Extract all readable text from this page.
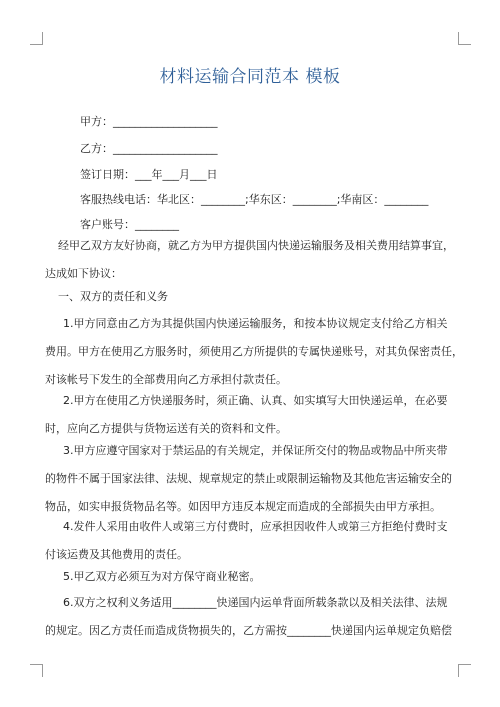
材料运输合同范本 模板
甲方：___________________
乙方：___________________
签订日期：___年___月___日
客服热线电话：华北区：________;华东区：________;华南区：________
客户账号：________
经甲乙双方友好协商，就乙方为甲方提供国内快递运输服务及相关费用结算事宜，
达成如下协议：
一、双方的责任和义务
1.甲方同意由乙方为其提供国内快递运输服务，和按本协议规定支付给乙方相关
费用。甲方在使用乙方服务时，须使用乙方所提供的专属快递账号，对其负保密责任，
对该帐号下发生的全部费用向乙方承担付款责任。
2.甲方在使用乙方快递服务时，须正确、认真、如实填写大田快递运单，在必要
时，应向乙方提供与货物运送有关的资料和文件。
3.甲方应遵守国家对于禁运品的有关规定，并保证所交付的物品或物品中所夹带
的物件不属于国家法律、法规、规章规定的禁止或限制运输物及其他危害运输安全的
物品，如实申报货物品名等。如因甲方违反本规定而造成的全部损失由甲方承担。
4.发件人采用由收件人或第三方付费时，应承担因收件人或第三方拒绝付费时支
付该运费及其他费用的责任。
5.甲乙双方必须互为对方保守商业秘密。
6.双方之权利义务适用________快递国内运单背面所载条款以及相关法律、法规
的规定。因乙方责任而造成货物损失的，乙方需按________快递国内运单规定负赔偿
